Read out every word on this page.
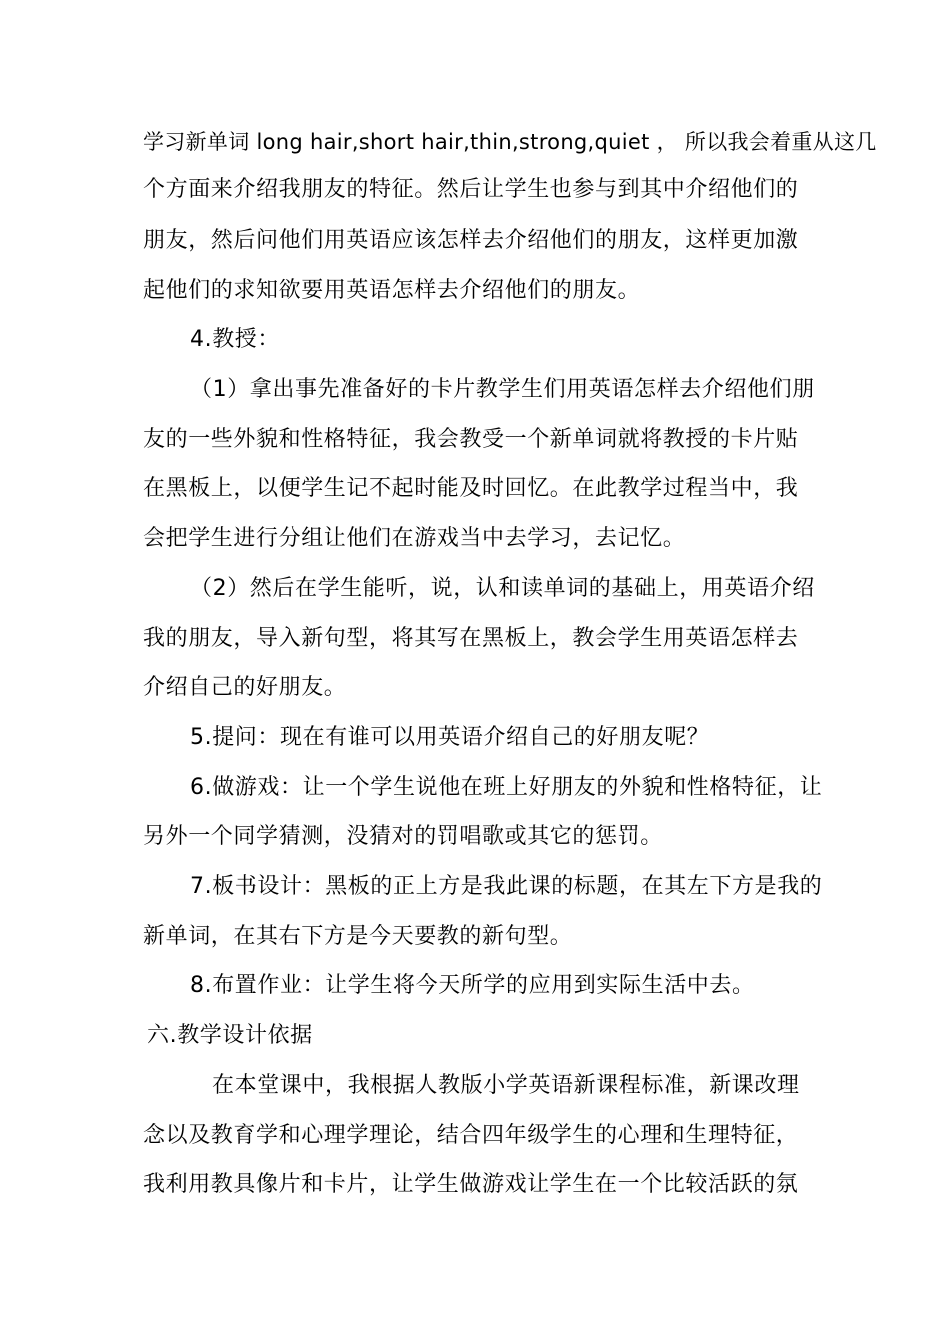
学习新单词 long hair,short hair,thin,strong,quiet ， 所以我会着重从这几

个方面来介绍我朋友的特征。然后让学生也参与到其中介绍他们的

朋友，然后问他们用英语应该怎样去介绍他们的朋友，这样更加激

起他们的求知欲要用英语怎样去介绍他们的朋友。

4.教授：

（1）拿出事先准备好的卡片教学生们用英语怎样去介绍他们朋

友的一些外貌和性格特征，我会教受一个新单词就将教授的卡片贴

在黑板上，以便学生记不起时能及时回忆。在此教学过程当中，我

会把学生进行分组让他们在游戏当中去学习，去记忆。

（2）然后在学生能听，说，认和读单词的基础上，用英语介绍

我的朋友，导入新句型，将其写在黑板上，教会学生用英语怎样去

介绍自己的好朋友。

5.提问：现在有谁可以用英语介绍自己的好朋友呢？

6.做游戏：让一个学生说他在班上好朋友的外貌和性格特征，让

另外一个同学猜测，没猜对的罚唱歌或其它的惩罚。

7.板书设计：黑板的正上方是我此课的标题，在其左下方是我的

新单词，在其右下方是今天要教的新句型。

8.布置作业：让学生将今天所学的应用到实际生活中去。

六.教学设计依据

在本堂课中，我根据人教版小学英语新课程标准，新课改理

念以及教育学和心理学理论，结合四年级学生的心理和生理特征，

我利用教具像片和卡片，让学生做游戏让学生在一个比较活跃的氛
